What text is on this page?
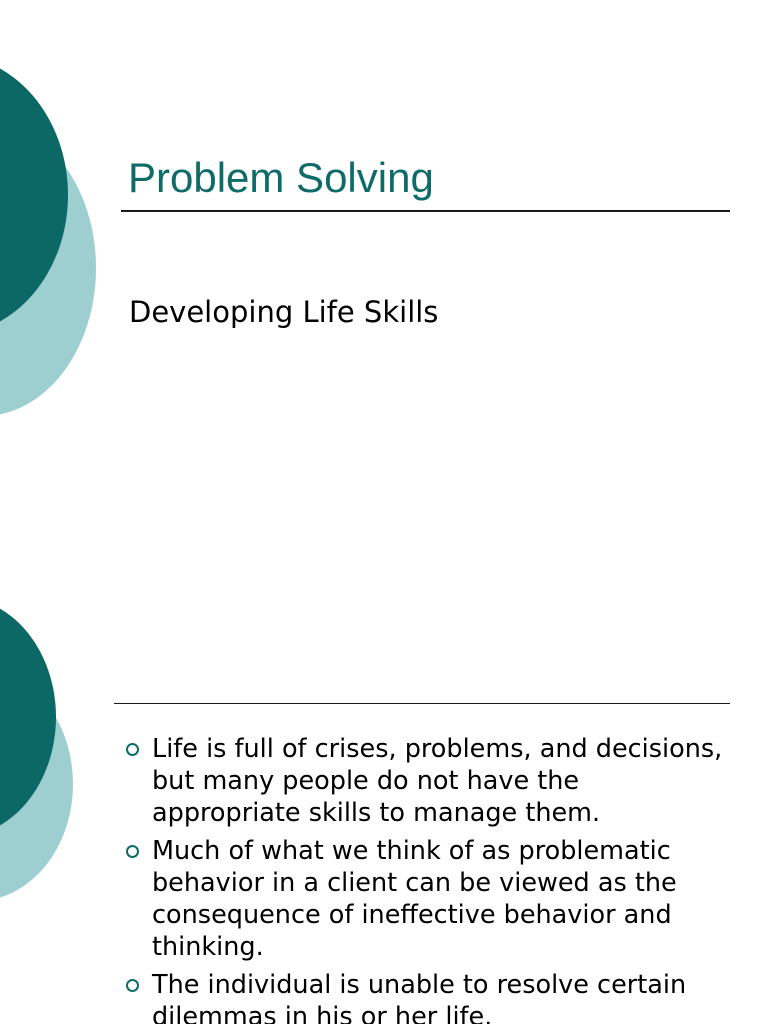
Problem Solving

Developing Life Skills

Life is full of crises, problems, and decisions, but many people do not have the appropriate skills to manage them.
Much of what we think of as problematic behavior in a client can be viewed as the consequence of ineffective behavior and thinking.
The individual is unable to resolve certain dilemmas in his or her life.
